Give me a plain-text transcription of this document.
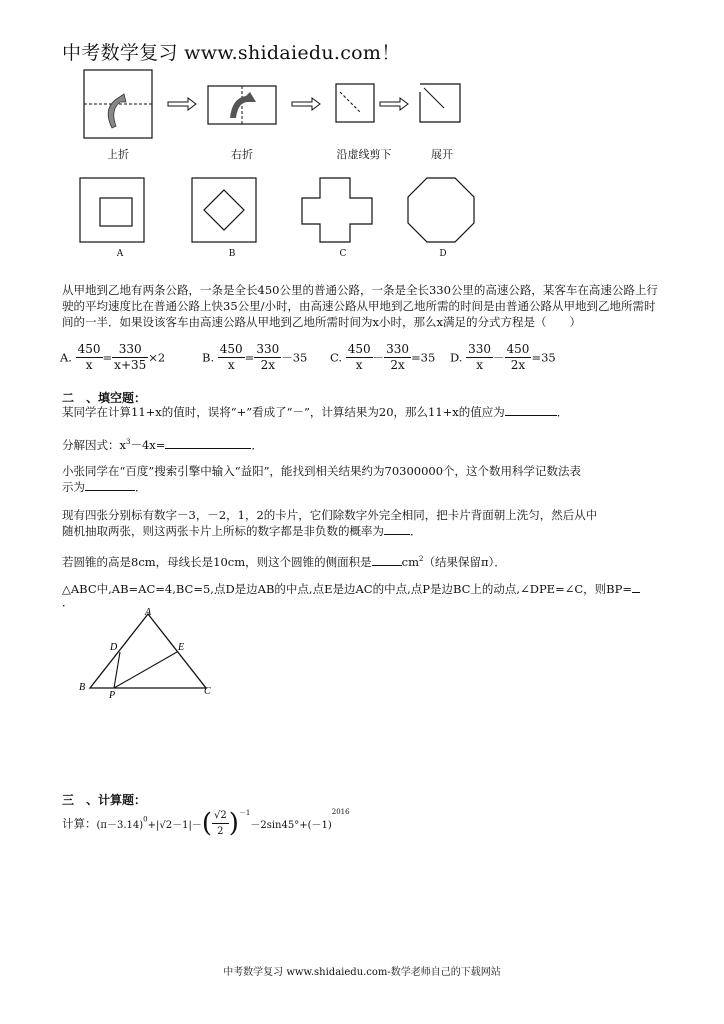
中考数学复习 www.shidaiedu.com！
上折	右折	沿虚线剪下	展开
A	B	C	D
从甲地到乙地有两条公路，一条是全长450公里的普通公路，一条是全长330公里的高速公路，某客车在高速公路上行驶的平均速度比在普通公路上快35公里/小时，由高速公路从甲地到乙地所需的时间是由普通公路从甲地到乙地所需时间的一半．如果设该客车由高速公路从甲地到乙地所需时间为x小时，那么x满足的分式方程是（　　）
A. $\frac{450}{x} = \frac{330}{x+35} \times 2$	B. $\frac{450}{x} = \frac{330}{2x} -35$ C. $\frac{450}{x} - \frac{330}{2x} =35$ D. $\frac{330}{x} - \frac{450}{2x} =35$
二　、填空题：
某同学在计算11+x的值时，误将“+”看成了“－”，计算结果为20，那么11+x的值应为	．
分解因式：$x^3-4x=$	．
小张同学在“百度”搜索引擎中输入“益阳”，能找到相关结果约为70300000个，这个数用科学记数法表
示为	．
现有四张分别标有数字－3，－2，1，2的卡片，它们除数字外完全相同，把卡片背面朝上洗匀，然后从中
随机抽取两张，则这两张卡片上所标的数字都是非负数的概率为 ．
若圆锥的高是8cm，母线长是10cm，则这个圆锥的侧面积是	$cm^2$（结果保留π）．
△ABC中,AB=AC=4,BC=5,点D是边AB的中点,点E是边AC的中点,点P是边BC上的动点,∠DPE=∠C，则BP=
．
A
B	C
D	E
P
三　、计算题：
计算：$(\pi-3.14)^0+|√2-1|-( \frac{√2}{2} )^{-1}-2\sin 45^\circ+(-1)^{2016}$
中考数学复习 www.shidaiedu.com-数学老师自己的下载网站
